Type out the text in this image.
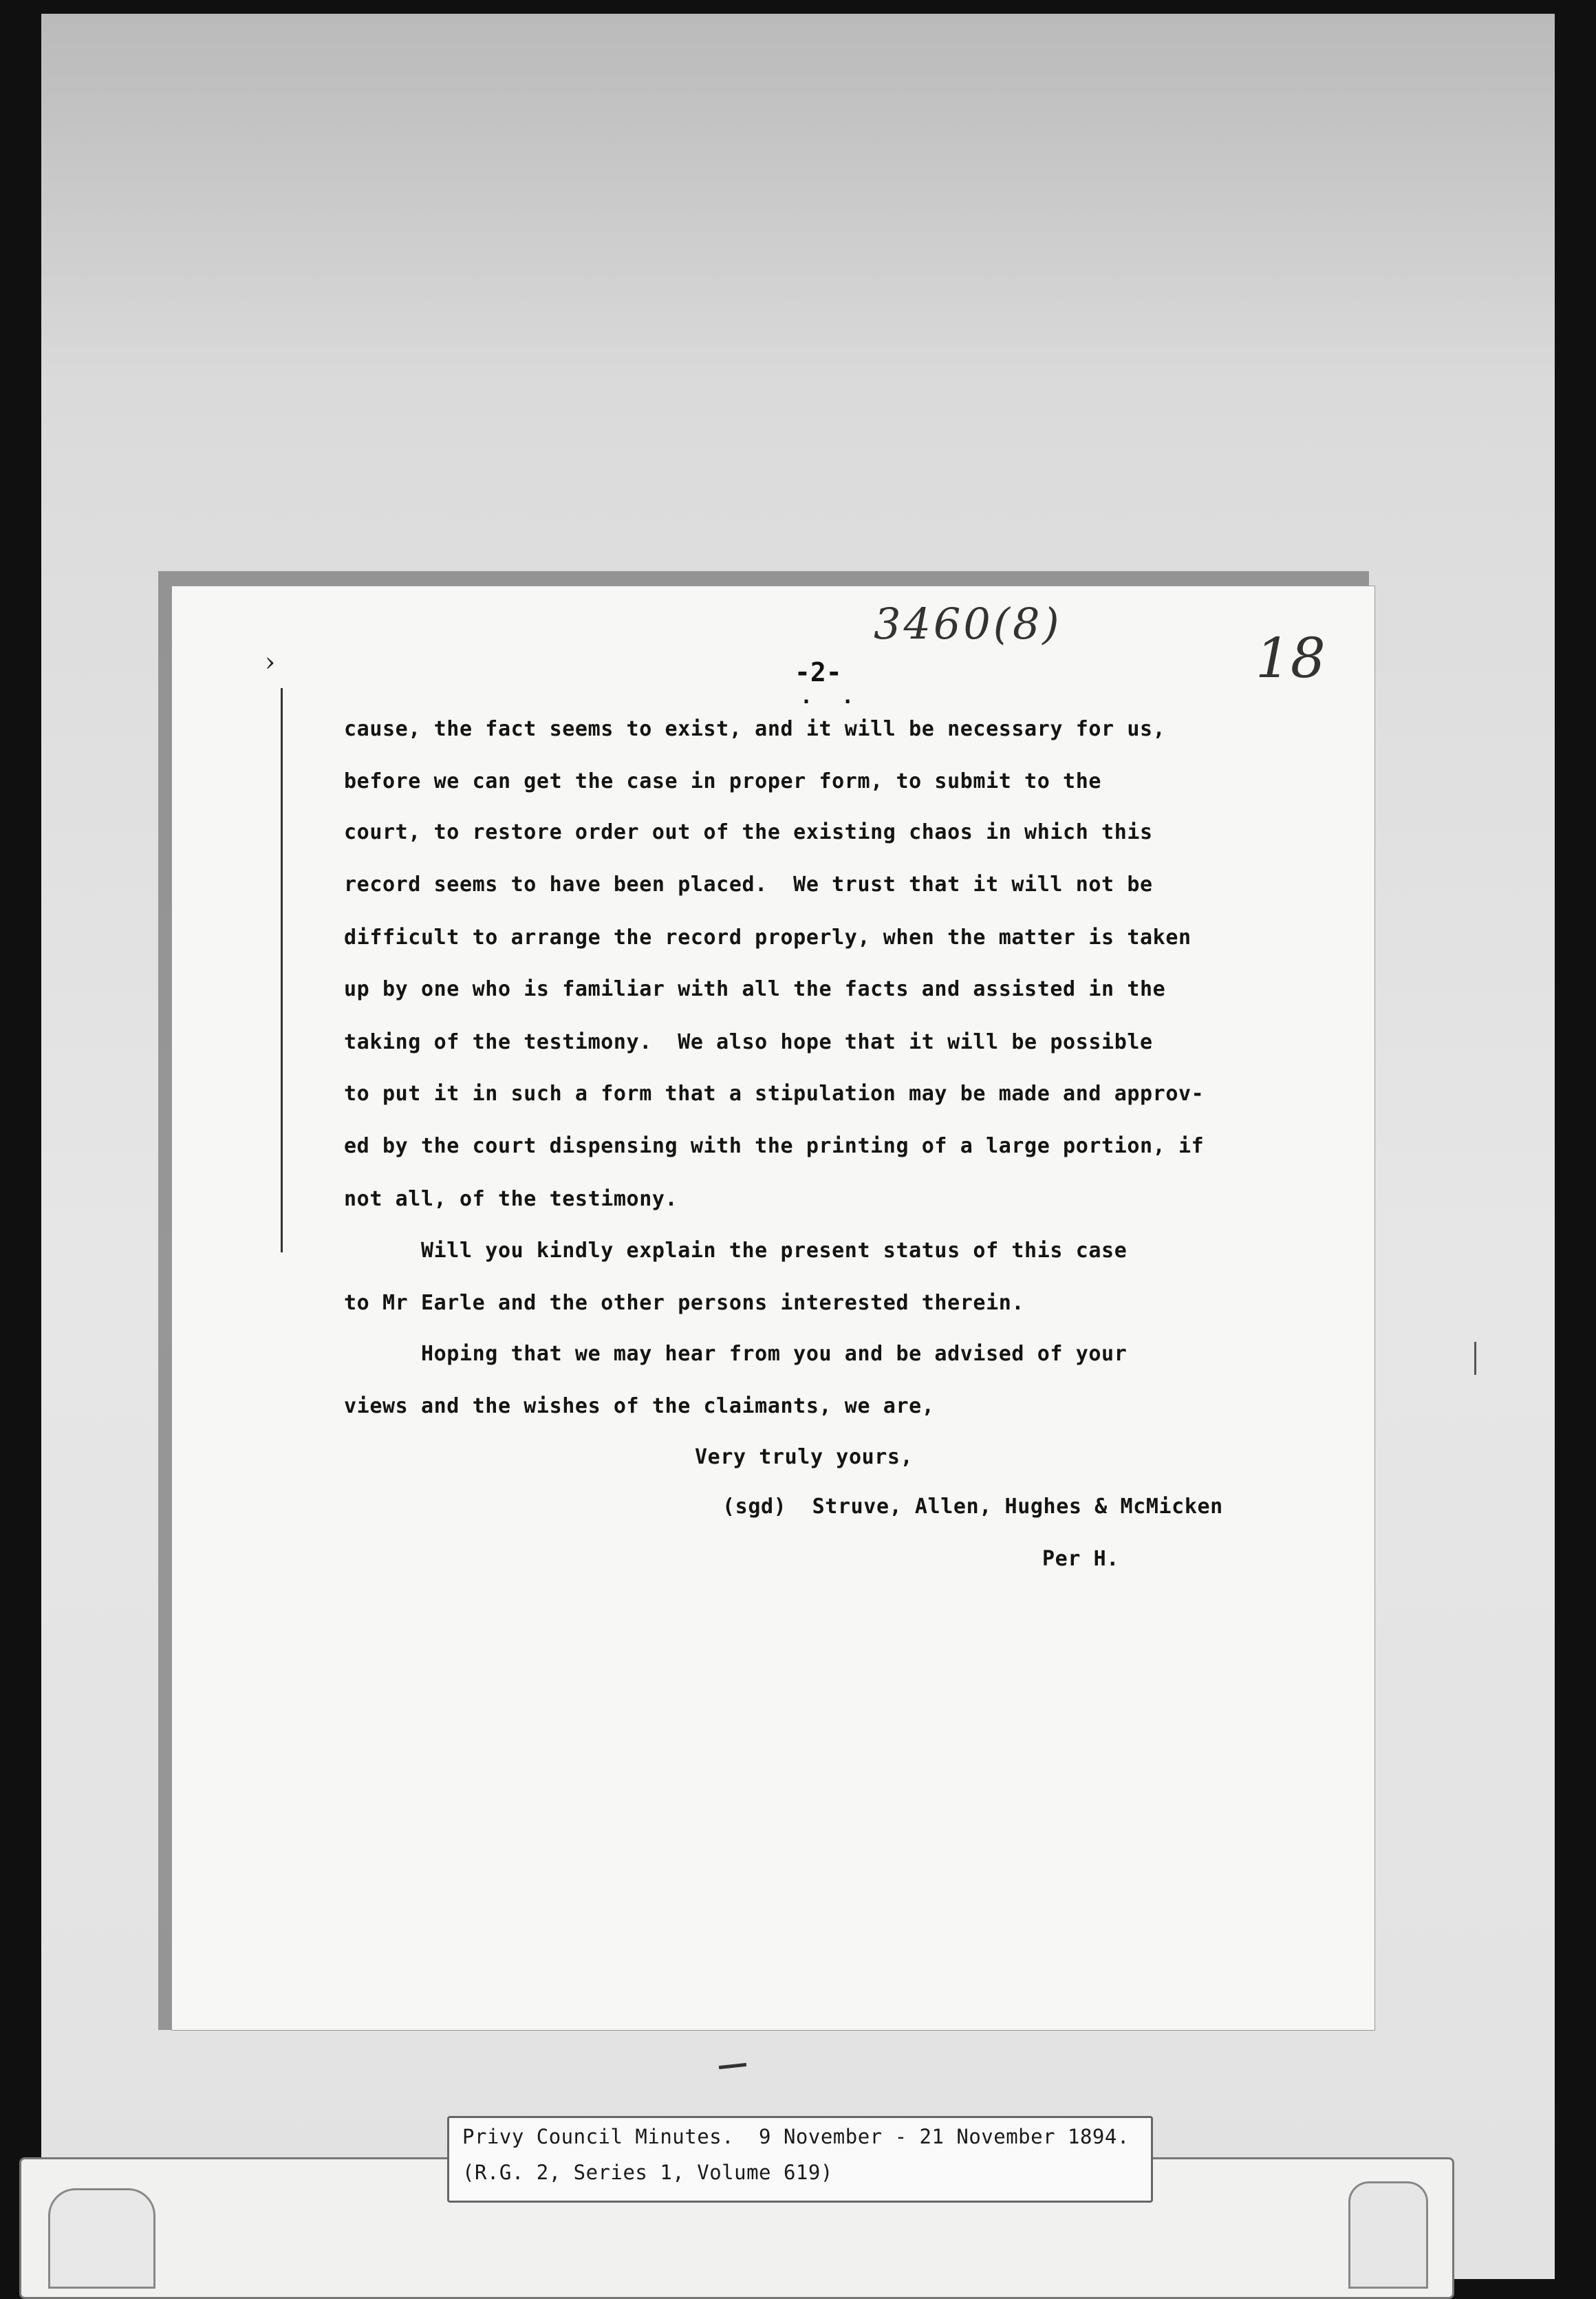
›
3460(8)
18
-2-
. .
cause, the fact seems to exist, and it will be necessary for us,
before we can get the case in proper form, to submit to the
court, to restore order out of the existing chaos in which this
record seems to have been placed.  We trust that it will not be
difficult to arrange the record properly, when the matter is taken
up by one who is familiar with all the facts and assisted in the
taking of the testimony.  We also hope that it will be possible
to put it in such a form that a stipulation may be made and approv-
ed by the court dispensing with the printing of a large portion, if
not all, of the testimony.
Will you kindly explain the present status of this case
to Mr Earle and the other persons interested therein.
Hoping that we may hear from you and be advised of your
views and the wishes of the claimants, we are,
Very truly yours,
(sgd)  Struve, Allen, Hughes & McMicken
Per H.
Privy Council Minutes.  9 November - 21 November 1894.
(R.G. 2, Series 1, Volume 619)
